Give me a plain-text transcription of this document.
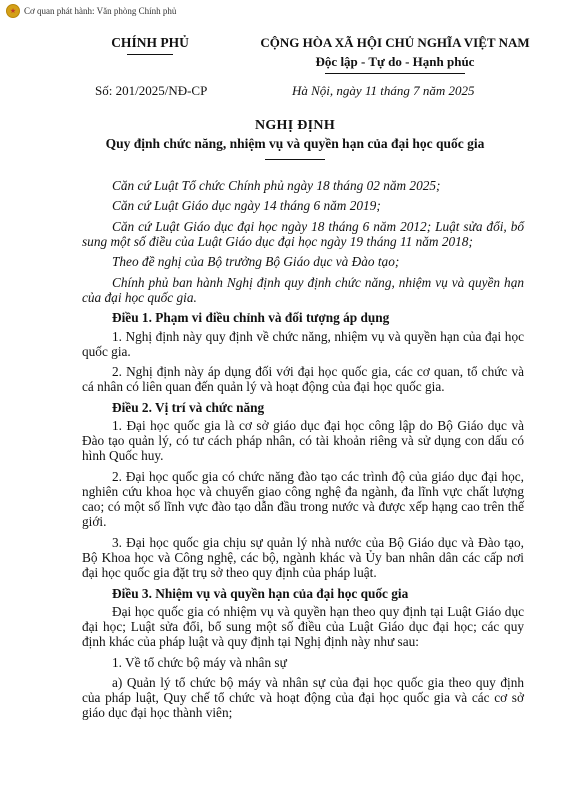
★ Cơ quan phát hành: Văn phòng Chính phủ
CHÍNH PHỦ	CỘNG HÒA XÃ HỘI CHỦ NGHĨA VIỆT NAM
Độc lập - Tự do - Hạnh phúc
Số: 201/2025/NĐ-CP	Hà Nội, ngày 11 tháng 7 năm 2025
NGHỊ ĐỊNH
Quy định chức năng, nhiệm vụ và quyền hạn của đại học quốc gia

Căn cứ Luật Tổ chức Chính phủ ngày 18 tháng 02 năm 2025;

Căn cứ Luật Giáo dục ngày 14 tháng 6 năm 2019;

Căn cứ Luật Giáo dục đại học ngày 18 tháng 6 năm 2012; Luật sửa đổi, bổ sung một số điều của Luật Giáo dục đại học ngày 19 tháng 11 năm 2018;

Theo đề nghị của Bộ trưởng Bộ Giáo dục và Đào tạo;

Chính phủ ban hành Nghị định quy định chức năng, nhiệm vụ và quyền hạn của đại học quốc gia.

Điều 1. Phạm vi điều chỉnh và đối tượng áp dụng

1. Nghị định này quy định về chức năng, nhiệm vụ và quyền hạn của đại học quốc gia.

2. Nghị định này áp dụng đối với đại học quốc gia, các cơ quan, tổ chức và cá nhân có liên quan đến quản lý và hoạt động của đại học quốc gia.

Điều 2. Vị trí và chức năng

1. Đại học quốc gia là cơ sở giáo dục đại học công lập do Bộ Giáo dục và Đào tạo quản lý, có tư cách pháp nhân, có tài khoản riêng và sử dụng con dấu có hình Quốc huy.

2. Đại học quốc gia có chức năng đào tạo các trình độ của giáo dục đại học, nghiên cứu khoa học và chuyển giao công nghệ đa ngành, đa lĩnh vực chất lượng cao; có một số lĩnh vực đào tạo dẫn đầu trong nước và được xếp hạng cao trên thế giới.

3. Đại học quốc gia chịu sự quản lý nhà nước của Bộ Giáo dục và Đào tạo, Bộ Khoa học và Công nghệ, các bộ, ngành khác và Ủy ban nhân dân các cấp nơi đại học quốc gia đặt trụ sở theo quy định của pháp luật.

Điều 3. Nhiệm vụ và quyền hạn của đại học quốc gia

Đại học quốc gia có nhiệm vụ và quyền hạn theo quy định tại Luật Giáo dục đại học; Luật sửa đổi, bổ sung một số điều của Luật Giáo dục đại học; các quy định khác của pháp luật và quy định tại Nghị định này như sau:

1. Về tổ chức bộ máy và nhân sự

a) Quản lý tổ chức bộ máy và nhân sự của đại học quốc gia theo quy định của pháp luật, Quy chế tổ chức và hoạt động của đại học quốc gia và các cơ sở giáo dục đại học thành viên;
